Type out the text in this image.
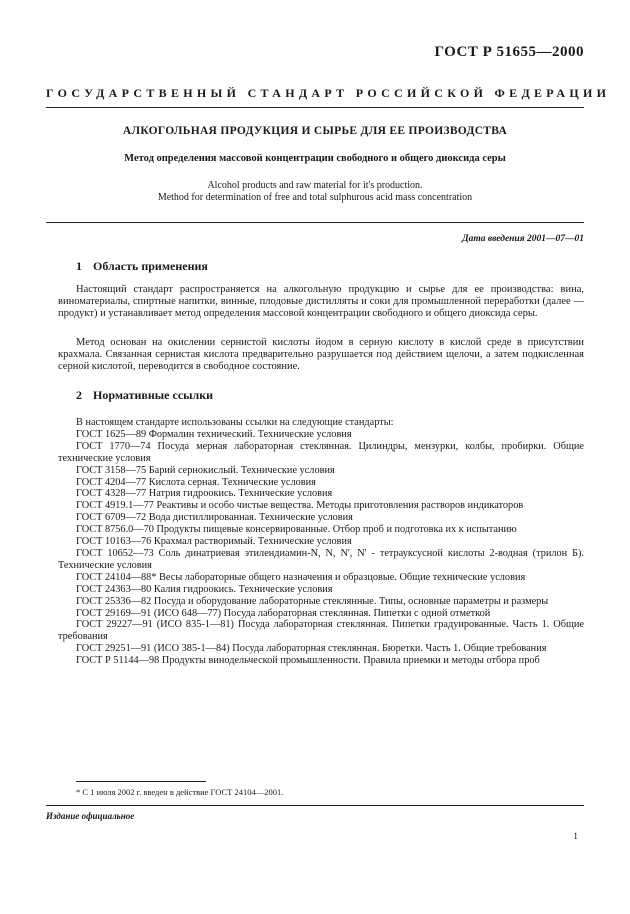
ГОСТ Р 51655—2000
ГОСУДАРСТВЕННЫЙ СТАНДАРТ РОССИЙСКОЙ ФЕДЕРАЦИИ
АЛКОГОЛЬНАЯ ПРОДУКЦИЯ И СЫРЬЕ ДЛЯ ЕЕ ПРОИЗВОДСТВА
Метод определения массовой концентрации свободного и общего диоксида серы
Alcohol products and raw material for it's production.
Method for determination of free and total sulphurous acid mass concentration
Дата введения 2001—07—01
1 Область применения
Настоящий стандарт распространяется на алкогольную продукцию и сырье для ее производства: вина, виноматериалы, спиртные напитки, винные, плодовые дистилляты и соки для промышленной переработки (далее — продукт) и устанавливает метод определения массовой концентрации свободного и общего диоксида серы.
Метод основан на окислении сернистой кислоты йодом в серную кислоту в кислой среде в присутствии крахмала. Связанная сернистая кислота предварительно разрушается под действием щелочи, а затем подкисленная серной кислотой, переводится в свободное состояние.
2 Нормативные ссылки

В настоящем стандарте использованы ссылки на следующие стандарты:

ГОСТ 1625—89 Формалин технический. Технические условия

ГОСТ 1770—74 Посуда мерная лабораторная стеклянная. Цилиндры, мензурки, колбы, пробирки. Общие технические условия

ГОСТ 3158—75 Барий сернокислый. Технические условия

ГОСТ 4204—77 Кислота серная. Технические условия

ГОСТ 4328—77 Натрия гидроокись. Технические условия

ГОСТ 4919.1—77 Реактивы и особо чистые вещества. Методы приготовления растворов индикаторов

ГОСТ 6709—72 Вода дистиллированная. Технические условия

ГОСТ 8756.0—70 Продукты пищевые консервированные. Отбор проб и подготовка их к испытанию

ГОСТ 10163—76 Крахмал растворимый. Технические условия

ГОСТ 10652—73 Соль динатриевая этилендиамин-N, N, N', N' - тетрауксусной кислоты 2-водная (трилон Б). Технические условия

ГОСТ 24104—88* Весы лабораторные общего назначения и образцовые. Общие технические условия

ГОСТ 24363—80 Калия гидроокись. Технические условия

ГОСТ 25336—82 Посуда и оборудование лабораторные стеклянные. Типы, основные параметры и размеры

ГОСТ 29169—91 (ИСО 648—77) Посуда лабораторная стеклянная. Пипетки с одной отметкой

ГОСТ 29227—91 (ИСО 835-1—81) Посуда лабораторная стеклянная. Пипетки градуированные. Часть 1. Общие требования

ГОСТ 29251—91 (ИСО 385-1—84) Посуда лабораторная стеклянная. Бюретки. Часть 1. Общие требования

ГОСТ Р 51144—98 Продукты винодельческой промышленности. Правила приемки и методы отбора проб

* С 1 июля 2002 г. введен в действие ГОСТ 24104—2001.
Издание официальное
1
